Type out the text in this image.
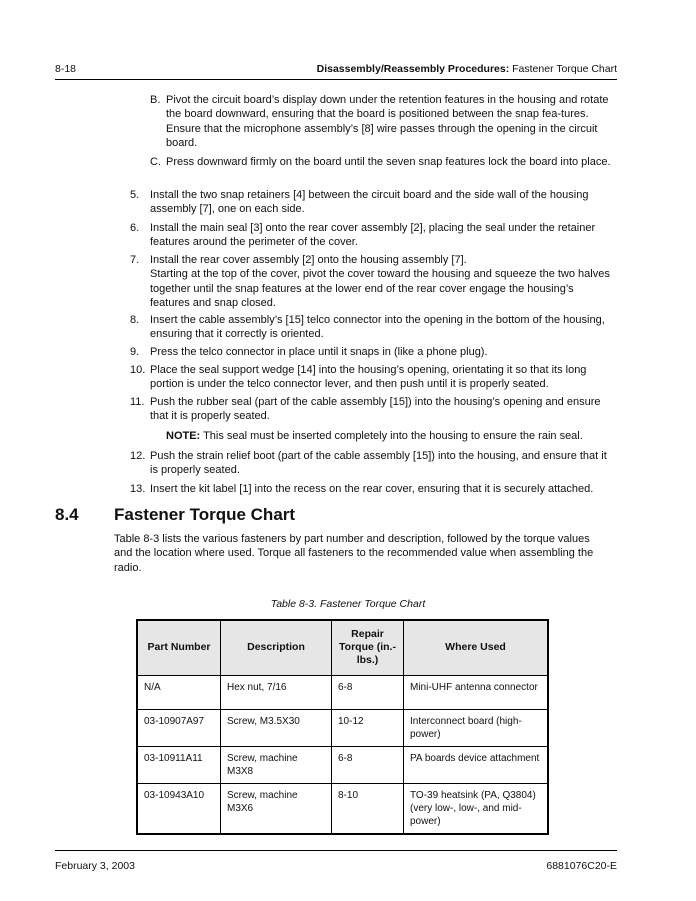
8-18	Disassembly/Reassembly Procedures: Fastener Torque Chart
B. Pivot the circuit board’s display down under the retention features in the housing and rotate the board downward, ensuring that the board is positioned between the snap fea-tures. Ensure that the microphone assembly’s [8] wire passes through the opening in the circuit board.
C. Press downward firmly on the board until the seven snap features lock the board into place.
5. Install the two snap retainers [4] between the circuit board and the side wall of the housing assembly [7], one on each side.
6. Install the main seal [3] onto the rear cover assembly [2], placing the seal under the retainer features around the perimeter of the cover.
7. Install the rear cover assembly [2] onto the housing assembly [7].
Starting at the top of the cover, pivot the cover toward the housing and squeeze the two halves together until the snap features at the lower end of the rear cover engage the housing’s features and snap closed.
8. Insert the cable assembly’s [15] telco connector into the opening in the bottom of the housing, ensuring that it correctly is oriented.
9. Press the telco connector in place until it snaps in (like a phone plug).
10. Place the seal support wedge [14] into the housing’s opening, orientating it so that its long portion is under the telco connector lever, and then push until it is properly seated.
11. Push the rubber seal (part of the cable assembly [15]) into the housing’s opening and ensure that it is properly seated.
12. Push the strain relief boot (part of the cable assembly [15]) into the housing, and ensure that it is properly seated.
13. Insert the kit label [1] into the recess on the rear cover, ensuring that it is securely attached.
NOTE: This seal must be inserted completely into the housing to ensure the rain seal.
8.4 Fastener Torque Chart
Table 8-3 lists the various fasteners by part number and description, followed by the torque values and the location where used. Torque all fasteners to the recommended value when assembling the radio.
Table 8-3. Fastener Torque Chart
Part Number	Description	Repair Torque (in.-lbs.)	Where Used
N/A	Hex nut, 7/16	6-8	Mini-UHF antenna connector
03-10907A97	Screw, M3.5X30	10-12	Interconnect board (high-power)
03-10911A11	Screw, machine M3X8	6-8	PA boards device attachment
03-10943A10	Screw, machine M3X6	8-10	TO-39 heatsink (PA, Q3804) (very low-, low-, and mid-power)
February 3, 2003	6881076C20-E
